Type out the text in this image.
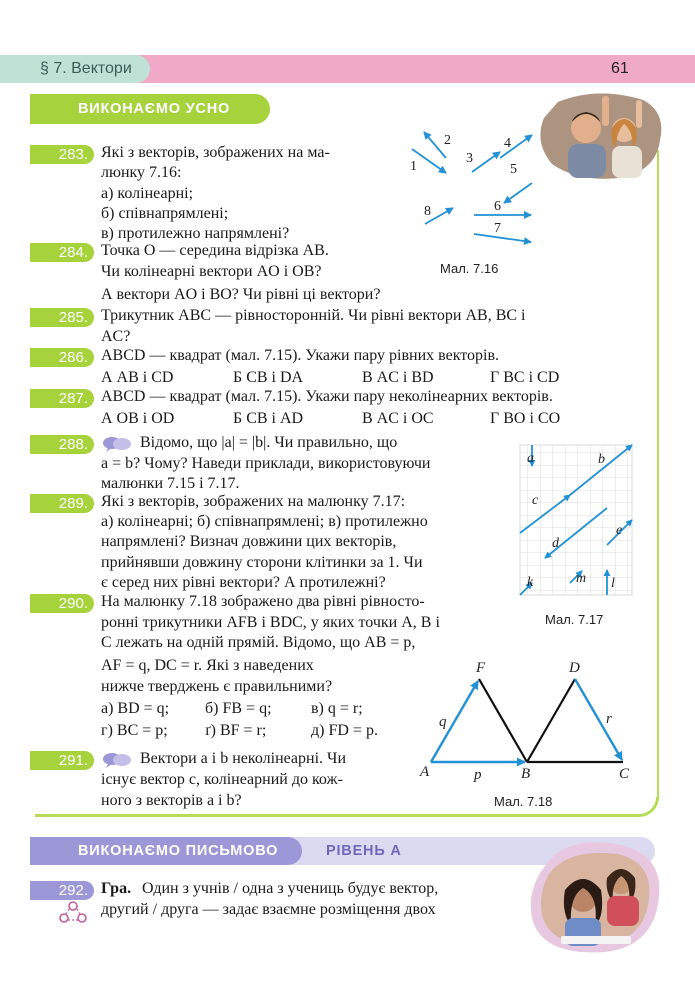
§ 7. Вектори	61
ВИКОНАЄМО УСНО
1
2
3
4
5
6
7
8
Мал. 7.16
283. Які з векторів, зображених на ма-
люнку 7.16:
а) колінеарні;
б) співнапрямлені;
в) протилежно напрямлені?
284. Точка O — середина відрізка AB.
Чи колінеарні вектори AO і OB?
А вектори AO і BO? Чи рівні ці вектори?
285. Трикутник ABC — рівносторонній. Чи рівні вектори AB, BC і
AC?
286. ABCD — квадрат (мал. 7.15). Укажи пару рівних векторів.
А AB і CD	Б CB і DA	В AC і BD	Г BC і CD
287. ABCD — квадрат (мал. 7.15). Укажи пару неколінеарних векторів.
А OB і OD	Б CB і AD	В AC і OC	Г BO і CO
288.	Відомо, що |a| = |b|. Чи правильно, що
a = b? Чому? Наведи приклади, використовуючи
малюнки 7.15 і 7.17.
a	b
c
d
e
k	m l
Мал. 7.17
289. Які з векторів, зображених на малюнку 7.17:
а) колінеарні; б) співнапрямлені; в) протилежно
напрямлені? Визнач довжини цих векторів,
прийнявши довжину сторони клітинки за 1. Чи
є серед них рівні вектори? А протилежні?
290. На малюнку 7.18 зображено два рівні рівносто-
ронні трикутники AFB і BDC, у яких точки A, B і
C лежать на одній прямій. Відомо, що AB = p,
AF = q, DC = r. Які з наведених
нижче тверджень є правильними?
а) BD = q; б) FB = q; в) q = r;
г) BC = p; ґ) BF = r;	д) FD = p.
A
F
B
D
C
q
p
r
Мал. 7.18
291.	Вектори a і b неколінеарні. Чи
існує вектор c, колінеарний до кож-
ного з векторів a і b?
ВИКОНАЄМО ПИСЬМОВО	РІВЕНЬ А
292. Гра. Один з учнів / одна з учениць будує вектор,
другий / друга — задає взаємне розміщення двох
